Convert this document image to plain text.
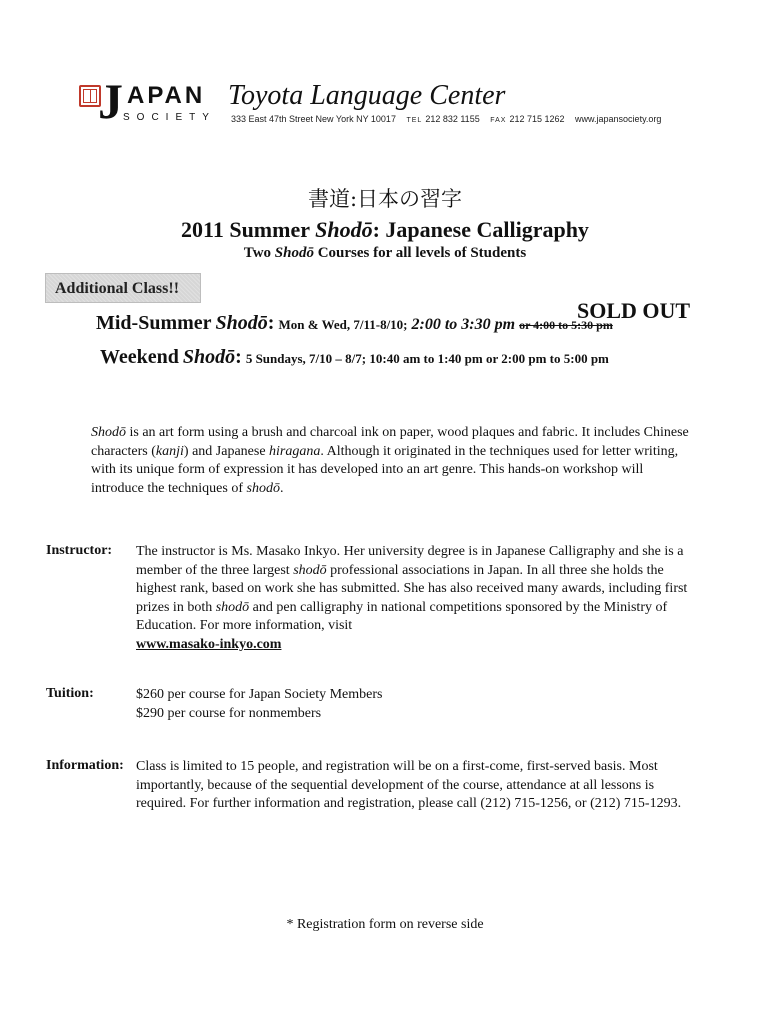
J APAN
SOCIETY
Toyota Language Center
333 East 47th Street New York NY 10017 TEL 212 832 1155 FAX 212 715 1262 www.japansociety.org
書道:日本の習字
2011 Summer Shodō: Japanese Calligraphy
Two Shodō Courses for all levels of Students
Additional Class!!
Mid-Summer Shodō: Mon & Wed, 7/11-8/10; 2:00 to 3:30 pm or 4:00 to 5:30 pm
SOLD OUT
Weekend Shodō: 5 Sundays, 7/10 – 8/7; 10:40 am to 1:40 pm or 2:00 pm to 5:00 pm
Shodō is an art form using a brush and charcoal ink on paper, wood plaques and fabric. It includes Chinese characters (kanji) and Japanese hiragana. Although it originated in the techniques used for letter writing, with its unique form of expression it has developed into an art genre. This hands-on workshop will introduce the techniques of shodō.
Instructor: The instructor is Ms. Masako Inkyo. Her university degree is in Japanese Calligraphy and she is a member of the three largest shodō professional associations in Japan. In all three she holds the highest rank, based on work she has submitted. She has also received many awards, including first prizes in both shodō and pen calligraphy in national competitions sponsored by the Ministry of Education. For more information, visit
www.masako-inkyo.com
Tuition:	$260 per course for Japan Society Members
$290 per course for nonmembers
Information: Class is limited to 15 people, and registration will be on a first-come, first-served basis. Most importantly, because of the sequential development of the course, attendance at all lessons is required. For further information and registration, please call (212) 715-1256, or (212) 715-1293.
* Registration form on reverse side
